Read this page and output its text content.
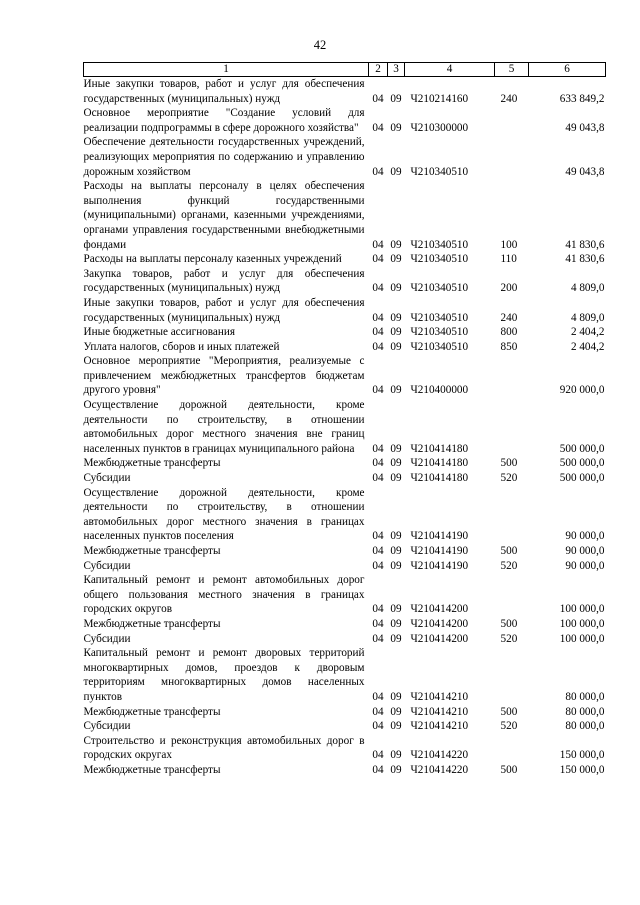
42
1	2	3	4	5	6
Иные закупки товаров, работ и услуг для обеспечения государственных (муниципальных) нужд	04	09	Ч210214160	240	633 849,2
Основное мероприятие "Создание условий для реализации подпрограммы в сфере дорожного хозяйства"	04	09	Ч210300000		49 043,8
Обеспечение деятельности государственных учреждений, реализующих мероприятия по содержанию и управлению дорожным хозяйством	04	09	Ч210340510		49 043,8
Расходы на выплаты персоналу в целях обеспечения выполнения функций государственными (муниципальными) органами, казенными учреждениями, органами управления государственными внебюджетными фондами	04	09	Ч210340510	100	41 830,6
Расходы на выплаты персоналу казенных учреждений	04	09	Ч210340510	110	41 830,6
Закупка товаров, работ и услуг для обеспечения государственных (муниципальных) нужд	04	09	Ч210340510	200	4 809,0
Иные закупки товаров, работ и услуг для обеспечения государственных (муниципальных) нужд	04	09	Ч210340510	240	4 809,0
Иные бюджетные ассигнования	04	09	Ч210340510	800	2 404,2
Уплата налогов, сборов и иных платежей	04	09	Ч210340510	850	2 404,2
Основное мероприятие "Мероприятия, реализуемые с привлечением межбюджетных трансфертов бюджетам другого уровня"	04	09	Ч210400000		920 000,0
Осуществление дорожной деятельности, кроме деятельности по строительству, в отношении автомобильных дорог местного значения вне границ населенных пунктов в границах муниципального района	04	09	Ч210414180		500 000,0
Межбюджетные трансферты	04	09	Ч210414180	500	500 000,0
Субсидии	04	09	Ч210414180	520	500 000,0
Осуществление дорожной деятельности, кроме деятельности по строительству, в отношении автомобильных дорог местного значения в границах населенных пунктов поселения	04	09	Ч210414190		90 000,0
Межбюджетные трансферты	04	09	Ч210414190	500	90 000,0
Субсидии	04	09	Ч210414190	520	90 000,0
Капитальный ремонт и ремонт автомобильных дорог общего пользования местного значения в границах городских округов	04	09	Ч210414200		100 000,0
Межбюджетные трансферты	04	09	Ч210414200	500	100 000,0
Субсидии	04	09	Ч210414200	520	100 000,0
Капитальный ремонт и ремонт дворовых территорий многоквартирных домов, проездов к дворовым территориям многоквартирных домов населенных пунктов	04	09	Ч210414210		80 000,0
Межбюджетные трансферты	04	09	Ч210414210	500	80 000,0
Субсидии	04	09	Ч210414210	520	80 000,0
Строительство и реконструкция автомобильных дорог в городских округах	04	09	Ч210414220		150 000,0
Межбюджетные трансферты	04	09	Ч210414220	500	150 000,0
